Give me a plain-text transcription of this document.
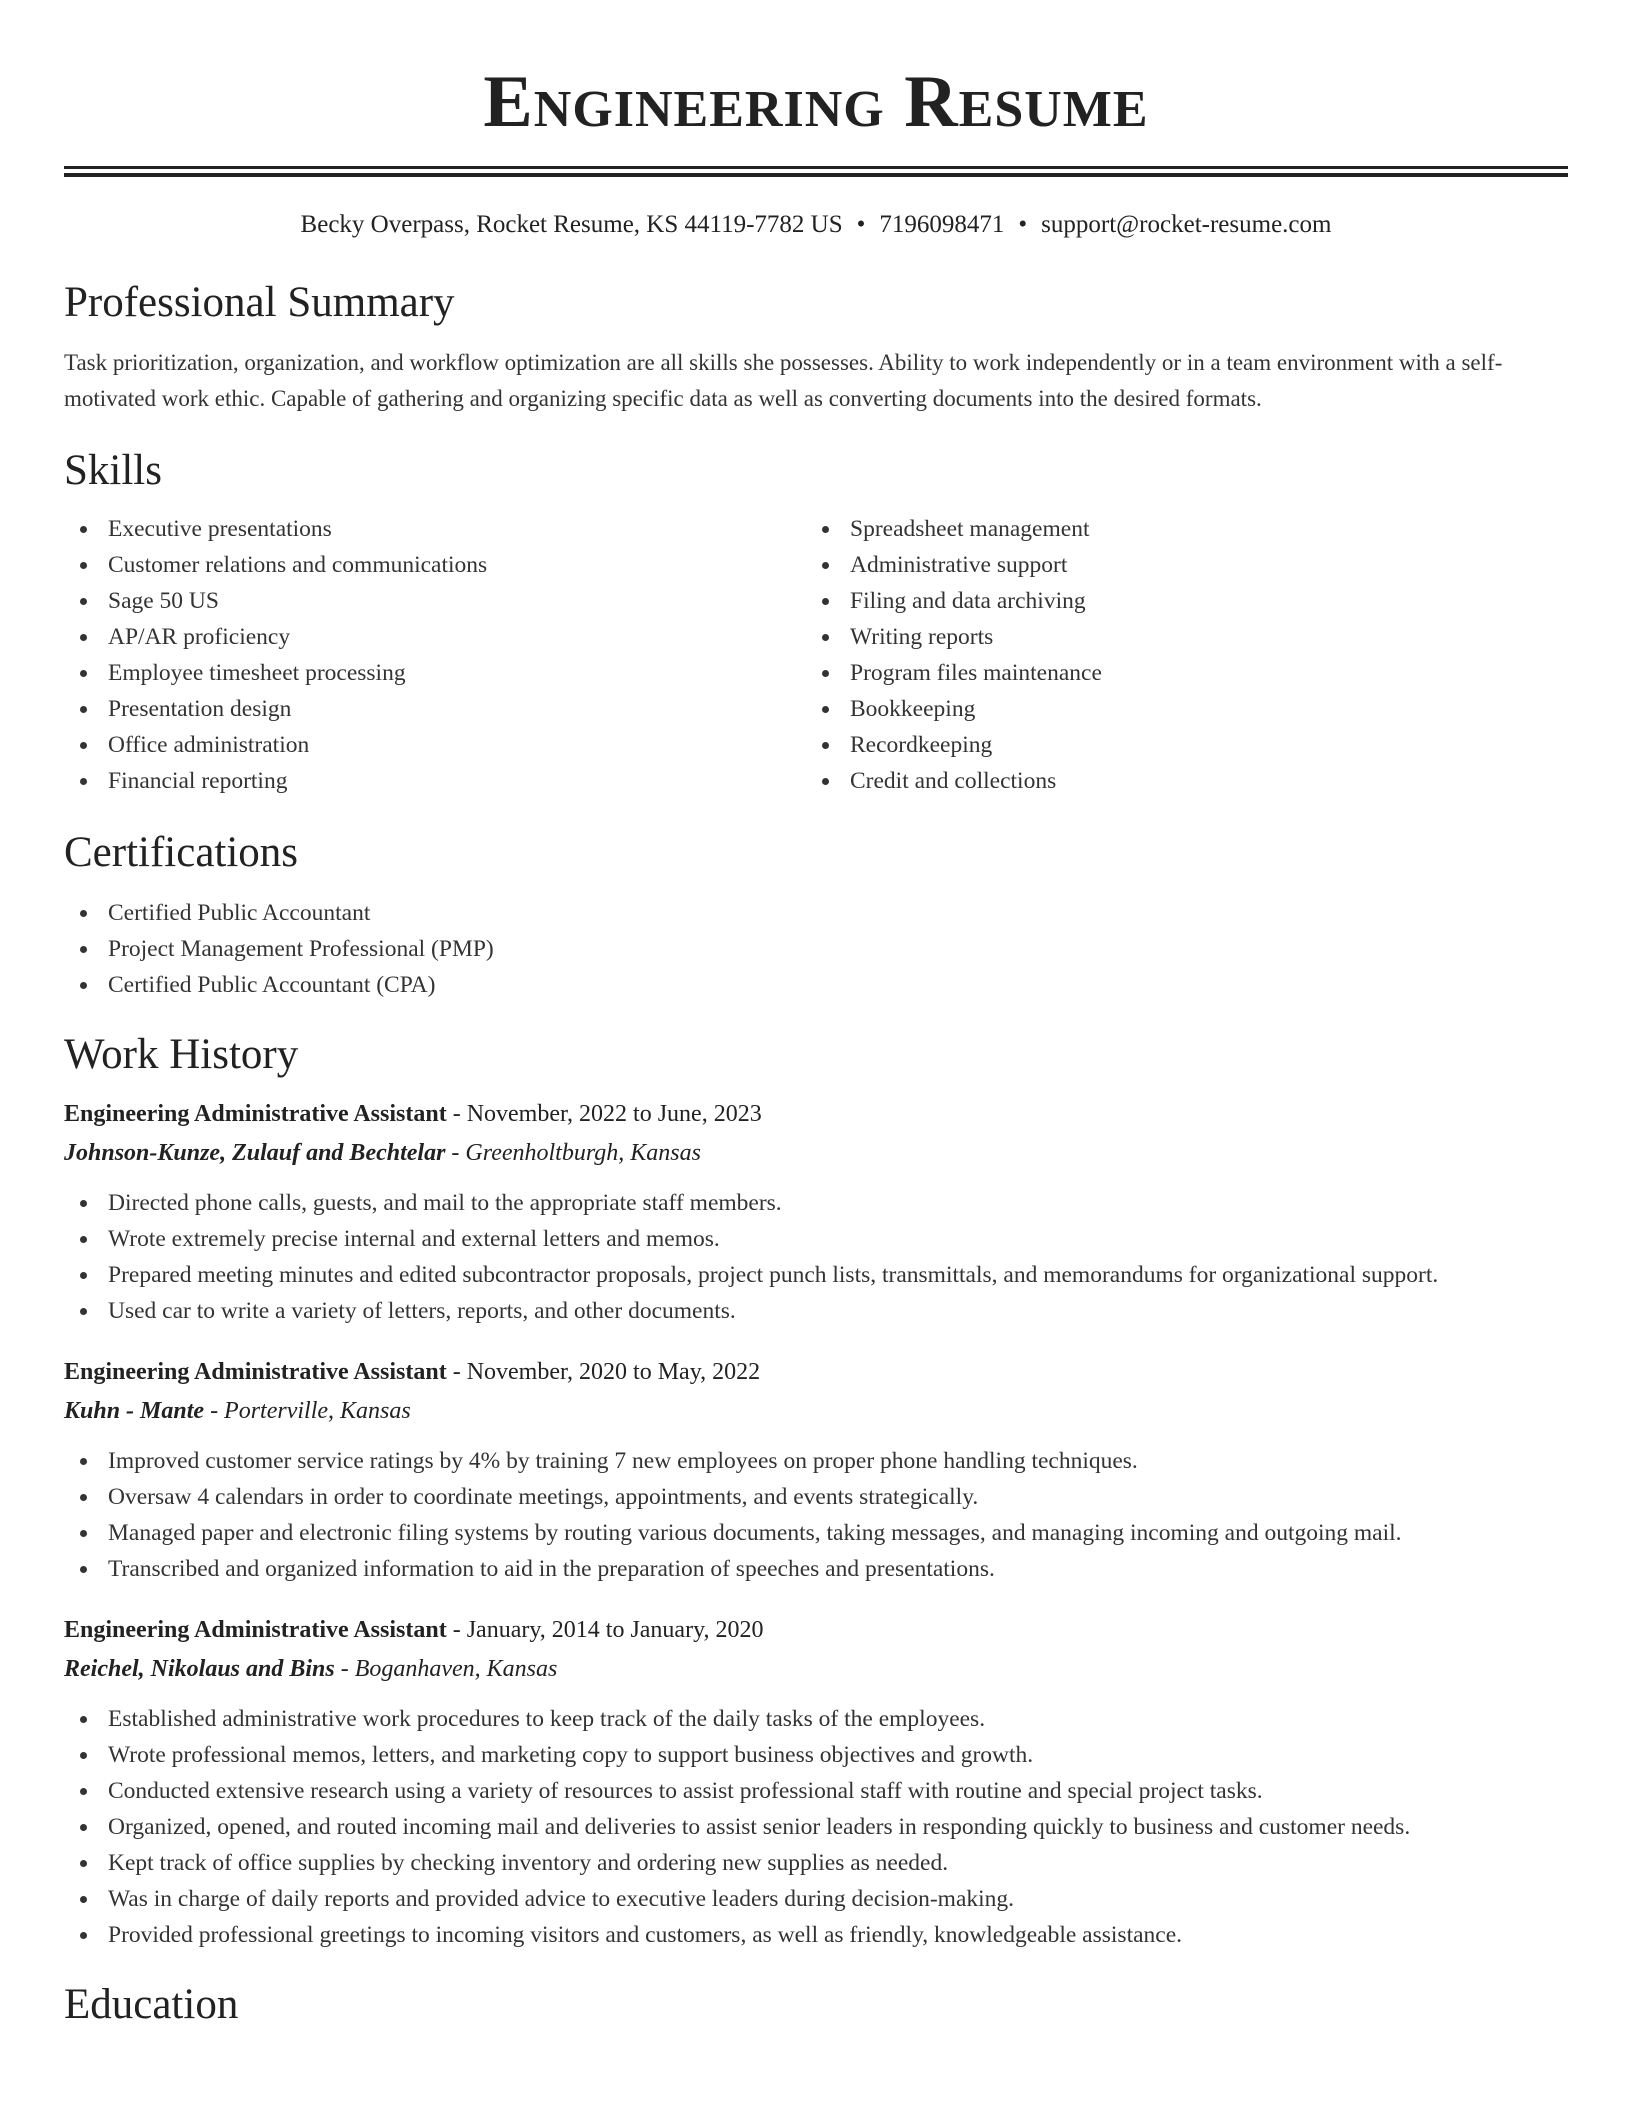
Engineering Resume
Becky Overpass, Rocket Resume, KS 44119-7782 US • 7196098471 • support@rocket-resume.com
Professional Summary

Task prioritization, organization, and workflow optimization are all skills she possesses. Ability to work independently or in a team environment with a self-motivated work ethic. Capable of gathering and organizing specific data as well as converting documents into the desired formats.

Skills
Executive presentations
Customer relations and communications
Sage 50 US
AP/AR proficiency
Employee timesheet processing
Presentation design
Office administration
Financial reporting
Spreadsheet management
Administrative support
Filing and data archiving
Writing reports
Program files maintenance
Bookkeeping
Recordkeeping
Credit and collections
Certifications
Certified Public Accountant
Project Management Professional (PMP)
Certified Public Accountant (CPA)
Work History
Engineering Administrative Assistant - November, 2022 to June, 2023
Johnson-Kunze, Zulauf and Bechtelar - Greenholtburgh, Kansas
Directed phone calls, guests, and mail to the appropriate staff members.
Wrote extremely precise internal and external letters and memos.
Prepared meeting minutes and edited subcontractor proposals, project punch lists, transmittals, and memorandums for organizational support.
Used car to write a variety of letters, reports, and other documents.
Engineering Administrative Assistant - November, 2020 to May, 2022
Kuhn - Mante - Porterville, Kansas
Improved customer service ratings by 4% by training 7 new employees on proper phone handling techniques.
Oversaw 4 calendars in order to coordinate meetings, appointments, and events strategically.
Managed paper and electronic filing systems by routing various documents, taking messages, and managing incoming and outgoing mail.
Transcribed and organized information to aid in the preparation of speeches and presentations.
Engineering Administrative Assistant - January, 2014 to January, 2020
Reichel, Nikolaus and Bins - Boganhaven, Kansas
Established administrative work procedures to keep track of the daily tasks of the employees.
Wrote professional memos, letters, and marketing copy to support business objectives and growth.
Conducted extensive research using a variety of resources to assist professional staff with routine and special project tasks.
Organized, opened, and routed incoming mail and deliveries to assist senior leaders in responding quickly to business and customer needs.
Kept track of office supplies by checking inventory and ordering new supplies as needed.
Was in charge of daily reports and provided advice to executive leaders during decision-making.
Provided professional greetings to incoming visitors and customers, as well as friendly, knowledgeable assistance.
Education
